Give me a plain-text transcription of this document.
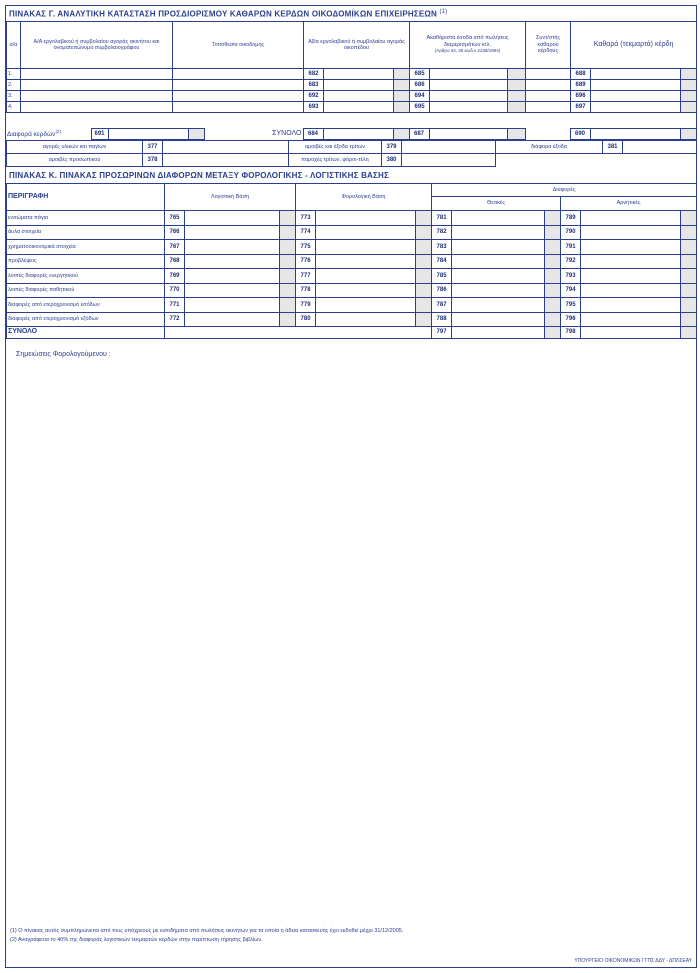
ΠΙΝΑΚΑΣ Γ. ΑΝΑΛΥΤΙΚΗ ΚΑΤΑΣΤΑΣΗ ΠΡΟΣΔΙΟΡΙΣΜΟΥ ΚΑΘΑΡΩΝ ΚΕΡΔΩΝ ΟΙΚΟΔΟΜΙΚΩΝ ΕΠΙΧΕΙΡΗΣΕΩΝ $^{(1)}$
α/α	Α/Α εργολαβικού ή συμβολαίου αγοράς ακινήτου και ονοματεπώνυμο συμβολαιογράφου	Τοποθεσία οικοδομής	Αξία εργολαβικού ή συμβολαίου αγοράς οικοπέδου			Ακαθάριστα έσοδα από πωλήσεις διαμερισμάτων κτλ.
(Άρθρο 34, 35 κωδ.ν.2238/1994)			Συντ/στής καθαρού κέρδους	Καθαρά (τεκμαρτά) κέρδη		
1.			682			685				688		
2.			683			686				689		
3.			692			694				696		
4.			693			695				697		
Διαφορά κερδών$^{(2)}$	691			ΣΥΝΟΛΟ	684			687				690		
αγορές υλικών και παγίων	377		αμοιβές και έξοδα τρίτων	379		διάφορα έξοδα	381	
αμοιβές προσωπικού	378		παροχές τρίτων, φόροι-τέλη	380				
ΠΙΝΑΚΑΣ Κ. ΠΙΝΑΚΑΣ ΠΡΟΣΩΡΙΝΩΝ ΔΙΑΦΟΡΩΝ ΜΕΤΑΞΥ ΦΟΡΟΛΟΓΙΚΗΣ - ΛΟΓΙΣΤΙΚΗΣ ΒΑΣΗΣ
ΠΕΡΙΓΡΑΦΗ	Λογιστική Βάση			Φορολογική Βάση			Διαφορές					
							Θετικές			Αρνητικές		
ενσώματα πάγια	765			773			781			789		
άυλα στοιχεία	766			774			782			790		
χρηματοοικονομικά στοιχεία	767			775			783			791		
προβλέψεις	768			776			784			792		
λοιπές διαφορές ενεργητικού	769			777			785			793		
λοιπές διαφορές παθητικού	770			778			786			794		
διαφορές από ετεροχρονισμό εσόδων	771			779			787			795		
διαφορές από ετεροχρονισμό εξόδων	772			780			788			796		
ΣΥΝΟΛΟ							797			798		
Σημειώσεις Φορολογούμενου :
(1) Ο πίνακας αυτός συμπληρώνεται από τους υπόχρεους με εισοδήματα από πωλήσεις ακινήτων για τα οποία η άδεια κατασκευής έχει εκδοθεί μέχρι 31/12/2005.
(2) Αναγράφεται το 40% της διαφοράς λογιστικών τεκμαρτών κερδών στην περίπτωση τήρησης βιβλίων.
ΥΠΟΥΡΓΕΙΟ ΟΙΚΟΝΟΜΙΚΩΝ ΓΓΠΣ ΔΔΥ - ΔΠΛΣΕΑΥ
